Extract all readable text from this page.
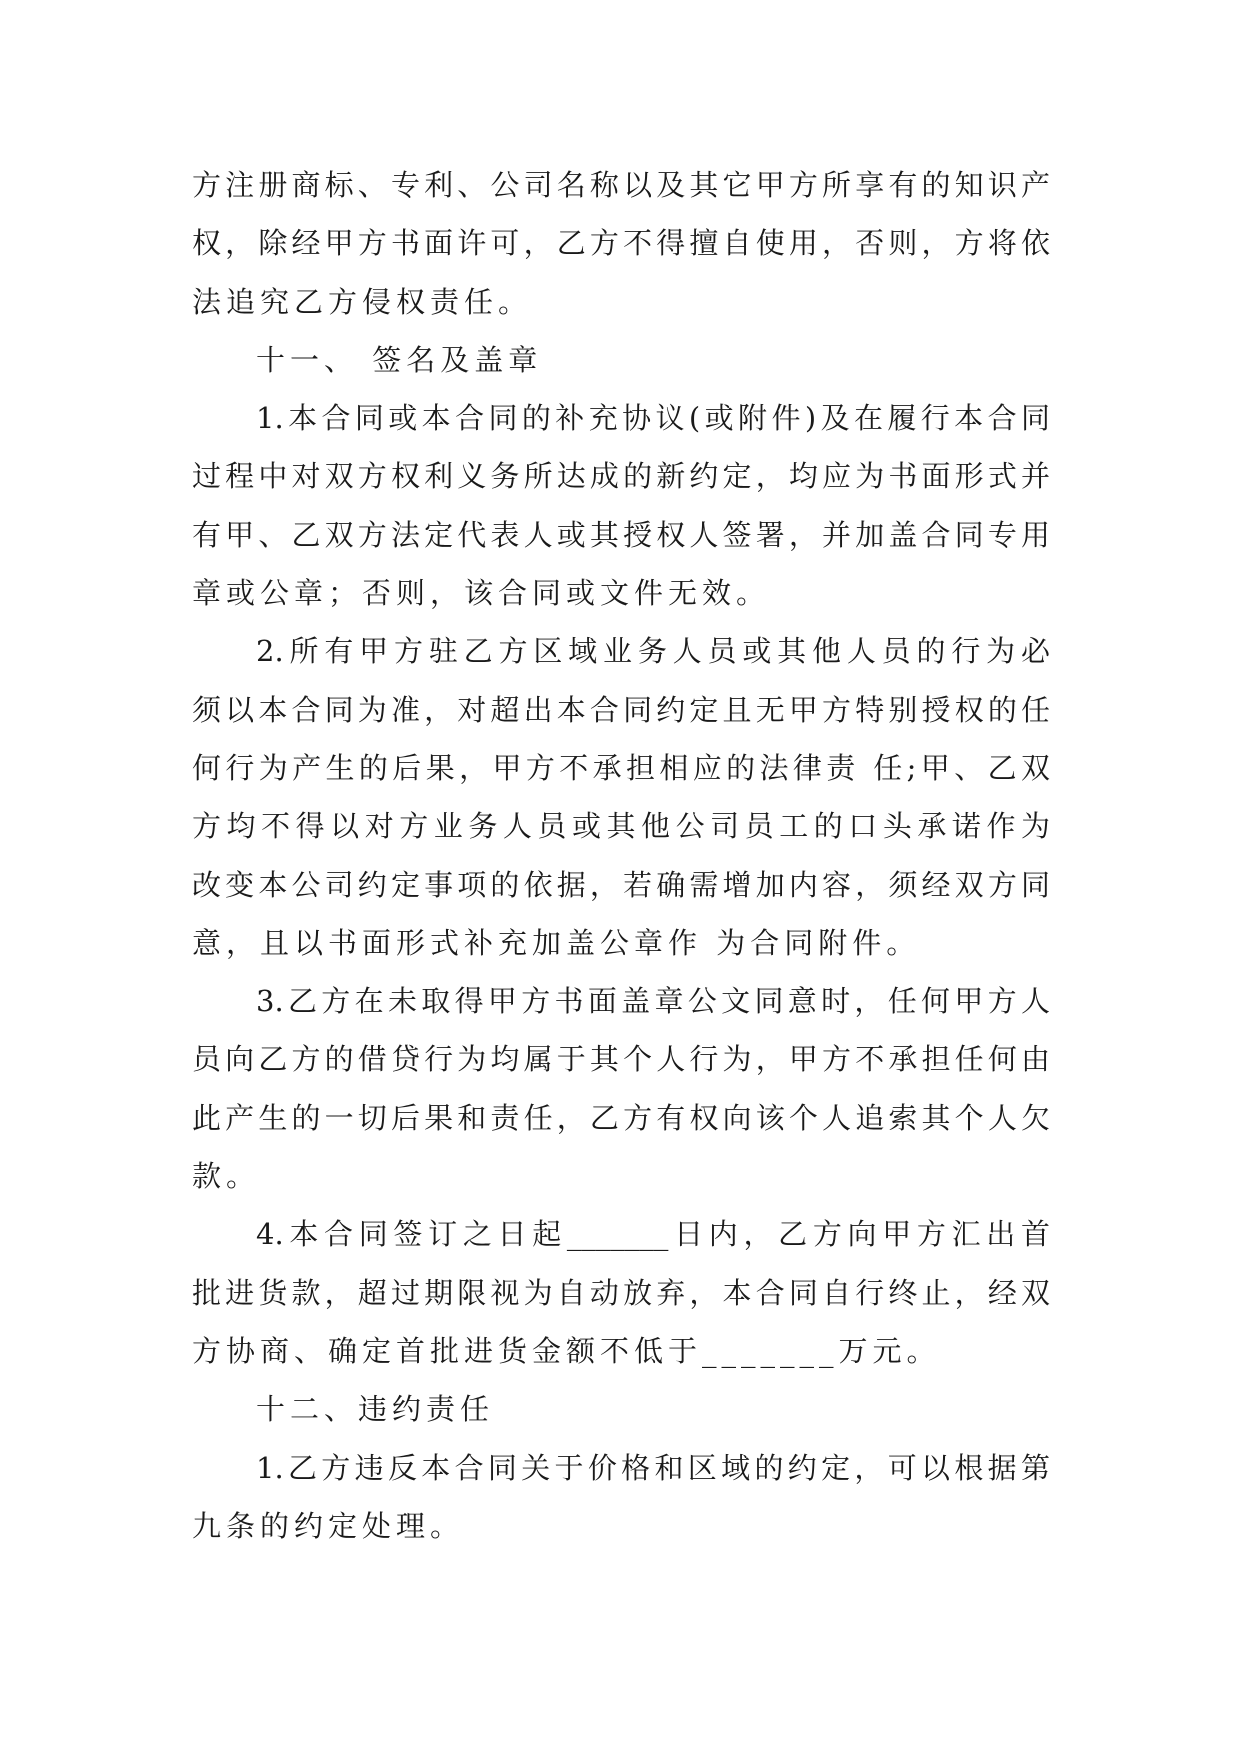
方注册商标、专利、公司名称以及其它甲方所享有的知识产
权，除经甲方书面许可，乙方不得擅自使用，否则，方将依
法追究乙方侵权责任。
十一、 签名及盖章
1.本合同或本合同的补充协议(或附件)及在履行本合同
过程中对双方权利义务所达成的新约定，均应为书面形式并
有甲、乙双方法定代表人或其授权人签署，并加盖合同专用
章或公章；否则，该合同或文件无效。
2.所有甲方驻乙方区域业务人员或其他人员的行为必
须以本合同为准，对超出本合同约定且无甲方特别授权的任
何行为产生的后果，甲方不承担相应的法律责 任;甲、乙双
方均不得以对方业务人员或其他公司员工的口头承诺作为
改变本公司约定事项的依据，若确需增加内容，须经双方同
意，且以书面形式补充加盖公章作 为合同附件。
3.乙方在未取得甲方书面盖章公文同意时，任何甲方人
员向乙方的借贷行为均属于其个人行为，甲方不承担任何由
此产生的一切后果和责任，乙方有权向该个人追索其个人欠
款。
4.本合同签订之日起_______日内，乙方向甲方汇出首
批进货款，超过期限视为自动放弃，本合同自行终止，经双
方协商、确定首批进货金额不低于_______万元。
十二、违约责任
1.乙方违反本合同关于价格和区域的约定，可以根据第
九条的约定处理。
